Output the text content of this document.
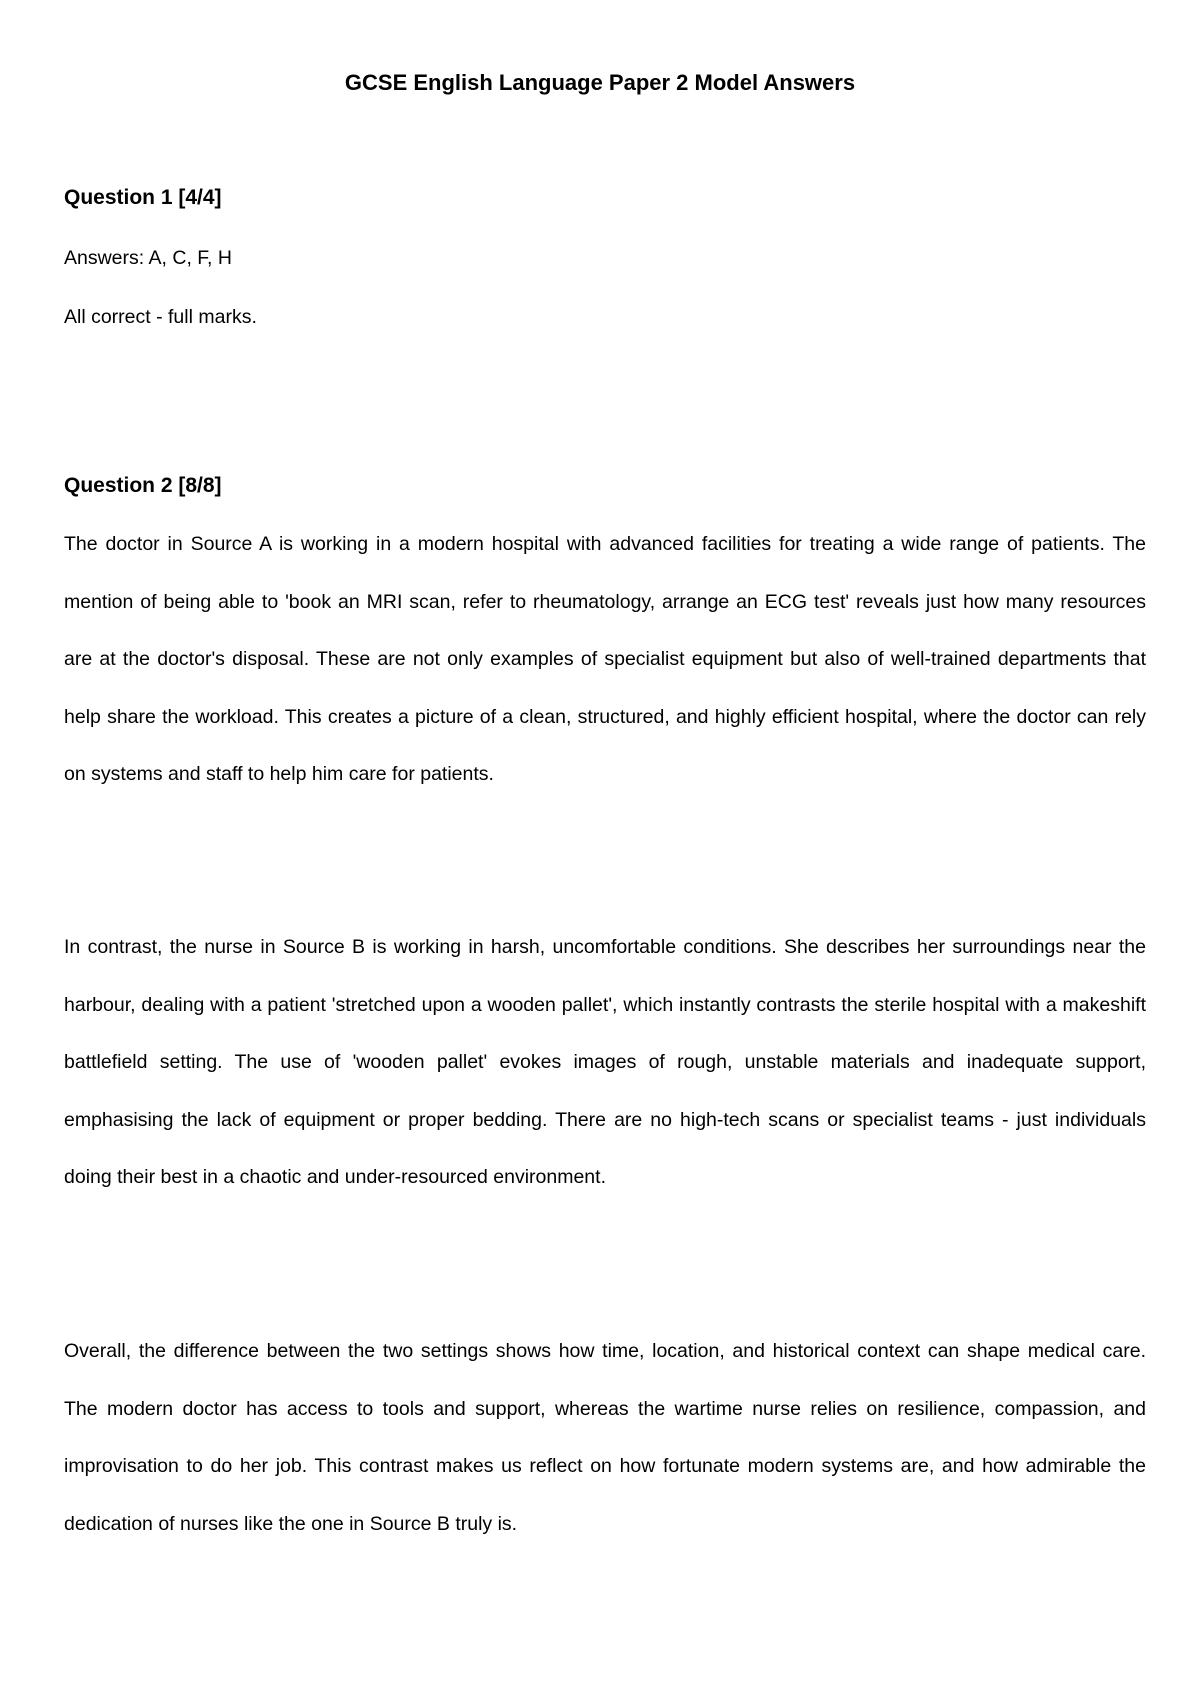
GCSE English Language Paper 2 Model Answers

Question 1 [4/4]

Answers: A, C, F, H

All correct - full marks.

Question 2 [8/8]

The doctor in Source A is working in a modern hospital with advanced facilities for treating a wide range of patients. The mention of being able to 'book an MRI scan, refer to rheumatology, arrange an ECG test' reveals just how many resources are at the doctor's disposal. These are not only examples of specialist equipment but also of well-trained departments that help share the workload. This creates a picture of a clean, structured, and highly efficient hospital, where the doctor can rely on systems and staff to help him care for patients.

In contrast, the nurse in Source B is working in harsh, uncomfortable conditions. She describes her surroundings near the harbour, dealing with a patient 'stretched upon a wooden pallet', which instantly contrasts the sterile hospital with a makeshift battlefield setting. The use of 'wooden pallet' evokes images of rough, unstable materials and inadequate support, emphasising the lack of equipment or proper bedding. There are no high-tech scans or specialist teams - just individuals doing their best in a chaotic and under-resourced environment.

Overall, the difference between the two settings shows how time, location, and historical context can shape medical care. The modern doctor has access to tools and support, whereas the wartime nurse relies on resilience, compassion, and improvisation to do her job. This contrast makes us reflect on how fortunate modern systems are, and how admirable the dedication of nurses like the one in Source B truly is.
